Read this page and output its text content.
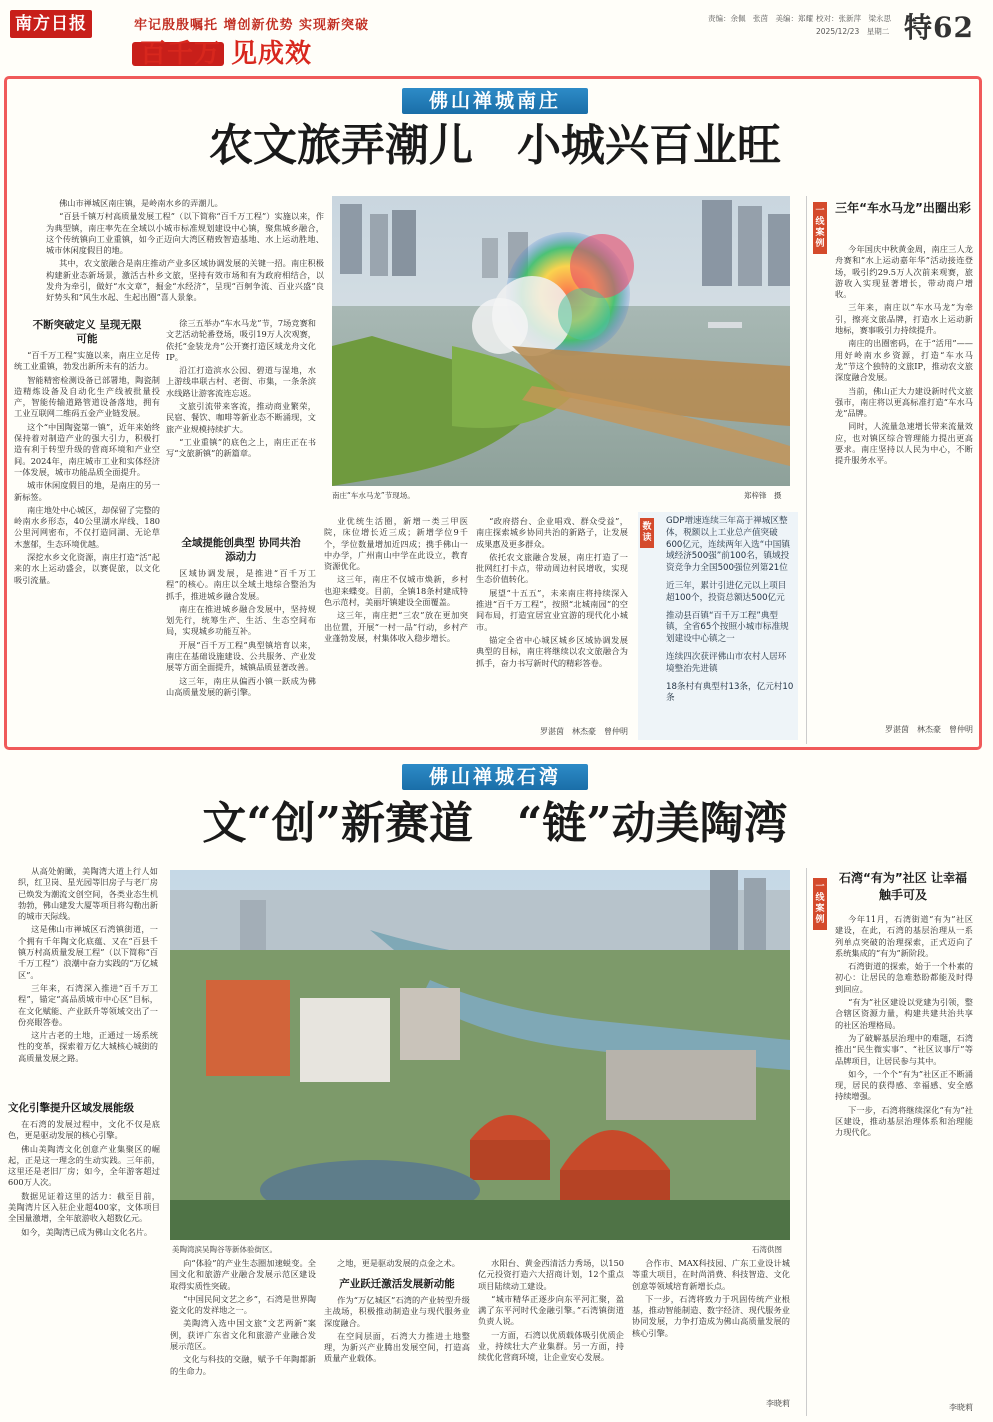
南方日报	牢记殷殷嘱托 增创新优势 实现新突破
百千万 见成效
责编：余佩　张茵　美编：郑耀 校对：张新萍　梁永思
2025/12/23　星期二 特62
佛山禅城南庄
农文旅弄潮儿　小城兴百业旺

佛山市禅城区南庄镇，是岭南水乡的弄潮儿。

“百县千镇万村高质量发展工程”（以下简称“百千万工程”）实施以来，作为典型镇，南庄率先在全域以小城市标准规划建设中心镇，聚焦城乡融合，这个传统镇向工业重镇，如今正迈向大湾区精致智造基地、水上运动胜地、城市休闲度假目的地。

其中，农文旅融合是南庄推动产业多区域协调发展的关键一招。南庄积极构建新业态新场景，激活古朴乡文旅，坚持有效市场和有为政府相结合，以发舟为牵引，做好“水文章”，掘金“水经济”，呈现“百舸争流、百业兴盛”良好势头和“风生水起、生起出圈”喜人景象。

南庄“车水马龙”节现场。	郑梓锋　摄
不断突破定义 呈现无限可能

“百千万工程”实施以来，南庄立足传统工业重镇，勃发出新所未有的活力。

智能精密检测设备已部署地，陶瓷制造精炼设备及自动化生产线被批量投产，智能传输道路管道设备落地，拥有工业互联网二维码五金产业链发展。

这个“中国陶瓷第一镇”，近年来始终保持着对制造产业的强大引力，积极打造有利于转型升级的营商环境和产业空间。2024年，南庄城市工业和实体经济一体发展，城市功能品质全面提升。

城市休闲度假目的地，是南庄的另一新标签。

南庄地处中心城区，却保留了完整的岭南水乡形态，40公里湖水岸线、180公里河网密布，不仅打造同湖、无论草木葱郁，生态环境优越。

深挖水乡文化资源，南庄打造“活”起来的水上运动盛会，以赛促旅，以文化吸引流量。

徐三五举办“车水马龙”节，7场竞赛和文艺活动轮番登场，吸引19万人次观赛，依托“金装龙舟”公开赛打造区域龙舟文化IP。

沿江打造滨水公园、碧道与湿地，水上游线串联古村、老街、市集，一条条滨水线路让游客流连忘返。

文旅引流带来客流，推动商业繁荣，民宿、餐饮、咖啡等新业态不断涌现，文旅产业规模持续扩大。

“工业重镇”的底色之上，南庄正在书写“文旅新镇”的新篇章。

全域提能创典型 协同共治添动力

区域协调发展，是推进“百千万工程”的核心。南庄以全域土地综合整治为抓手，推进城乡融合发展。

南庄在推进城乡融合发展中，坚持规划先行，统筹生产、生活、生态空间布局，实现城乡功能互补。

开展“百千万工程”典型镇培育以来，南庄在基础设施建设、公共服务、产业发展等方面全面提升，城镇品质显著改善。

这三年，南庄从偏西小镇一跃成为佛山高质量发展的新引擎。

业优统生活圈，新增一类三甲医院，床位增长近三成；新增学位9千个，学位数量增加近四成；携手佛山一中办学，广州南山中学在此设立，教育资源优化。

这三年，南庄不仅城市焕新，乡村也迎来蝶变。目前，全镇18条村建成特色示范村，美丽圩镇建设全面覆盖。

这三年，南庄把“三农”放在更加突出位置，开展“一村一品”行动，乡村产业蓬勃发展，村集体收入稳步增长。

“政府搭台、企业唱戏、群众受益”，南庄探索城乡协同共治的新路子，让发展成果惠及更多群众。

依托农文旅融合发展，南庄打造了一批网红打卡点，带动周边村民增收，实现生态价值转化。

展望“十五五”，未来南庄将持续深入推进“百千万工程”，按照“北城南园”的空间布局，打造宜居宜业宜游的现代化小城市。

锚定全省中心城区城乡区域协调发展典型的目标，南庄将继续以农文旅融合为抓手，奋力书写新时代的精彩答卷。

罗湛茵　林杰豪　曾仲明
数读
GDP增速连续三年高于禅城区整体，税额以上工业总产值突破600亿元，连续两年入选“中国镇域经济500强”前100名，镇域投资竞争力全国500强位列第21位
近三年，累计引进亿元以上项目超100个，投资总额达500亿元
推动县百镇“百千万工程”典型镇，全省65个按照小城市标准规划建设中心镇之一
连续四次获评佛山市农村人居环境整治先进镇
18条村有典型村13条，亿元村10条
一线案例
三年“车水马龙”出圈出彩

今年国庆中秋黄金周，南庄三人龙舟赛和“水上运动嘉年华”活动接连登场，吸引约29.5万人次前来观赛，旅游收入实现显著增长，带动商户增收。

三年来，南庄以“车水马龙”为牵引，擦亮文旅品牌，打造水上运动新地标，赛事吸引力持续提升。

南庄的出圈密码，在于“活用”——用好岭南水乡资源，打造“车水马龙”节这个独特的文旅IP，推动农文旅深度融合发展。

当前，佛山正大力建设新时代文旅强市，南庄将以更高标准打造“车水马龙”品牌。

同时，人流量急速增长带来流量效应，也对镇区综合管理能力提出更高要求。南庄坚持以人民为中心，不断提升服务水平。

罗湛茵　林杰豪　曾仲明
佛山禅城石湾
文“创”新赛道　“链”动美陶湾

从高处俯瞰，美陶湾大道上行人如织，红卫岗、星光园等旧房子与老厂房已焕发为潮流文创空间，各类业态生机勃勃，佛山建发大厦等项目将勾勒出新的城市天际线。

这是佛山市禅城区石湾镇街道，一个拥有千年陶文化底蕴、又在“百县千镇万村高质量发展工程”（以下简称“百千万工程”）浪潮中奋力实践的“万亿城区”。

三年来，石湾深入推进“百千万工程”，锚定“高品质城市中心区”目标，在文化赋能、产业跃升等领域交出了一份亮眼答卷。

这片古老的土地，正通过一场系统性的变革，探索着万亿大城核心城街的高质量发展之路。

美陶湾滨吴陶谷等新体验街区。	石湾供图
文化引擎提升区域发展能级

在石湾的发展过程中，文化不仅是底色，更是驱动发展的核心引擎。

佛山美陶湾文化创意产业集聚区的崛起，正是这一理念的生动实践。三年前，这里还是老旧厂房；如今，全年游客超过600万人次。

数据见证着这里的活力：截至目前，美陶湾片区入驻企业超400家，文体项目全国量激增，全年旅游收入超数亿元。

如今，美陶湾已成为佛山文化名片。

向“体验”的产业生态圈加速蜕变。全国文化和旅游产业融合发展示范区建设取得实质性突破。

“中国民间文艺之乡”，石湾是世界陶瓷文化的发祥地之一。

美陶湾入选中国文旅“文艺两新”案例，获评广东省文化和旅游产业融合发展示范区。

文化与科技的交融，赋予千年陶都新的生命力。

之地，更是驱动发展的点金之术。

产业跃迁激活发展新动能

作为“万亿城区”石湾的产业转型升级主战场，积极推动制造业与现代服务业深度融合。

在空间层面，石湾大力推进土地整理，为新兴产业腾出发展空间，打造高质量产业载体。

水阳台、黄金西清活力秀场，以150亿元投资打造六大招商计划，12个重点项目陆续动工建设。

“城市精华正逐步向东平河汇聚，盈满了东平河时代金融引擎。”石湾镇街道负责人说。

一方面，石湾以优质载体吸引优质企业，持续壮大产业集群。另一方面，持续优化营商环境，让企业安心发展。

合作市、MAX科技园、广东工业设计城等重大项目，在时尚消费、科技智造、文化创意等领域培育新增长点。

下一步，石湾将致力于巩固传统产业根基，推动智能制造、数字经济、现代服务业协同发展，力争打造成为佛山高质量发展的核心引擎。

李晓莉
一线案例
石湾“有为”社区 让幸福触手可及

今年11月，石湾街道“有为”社区建设，在此，石湾的基层治理从一系列单点突破的治理探索，正式迈向了系统集成的“有为”新阶段。

石湾街道的探索，始于一个朴素的初心：让居民的急难愁盼都能及时得到回应。

“有为”社区建设以党建为引领，整合辖区资源力量，构建共建共治共享的社区治理格局。

为了破解基层治理中的难题，石湾推出“民生微实事”、“社区议事厅”等品牌项目，让居民参与其中。

如今，一个个“有为”社区正不断涌现，居民的获得感、幸福感、安全感持续增强。

下一步，石湾将继续深化“有为”社区建设，推动基层治理体系和治理能力现代化。

李晓莉
